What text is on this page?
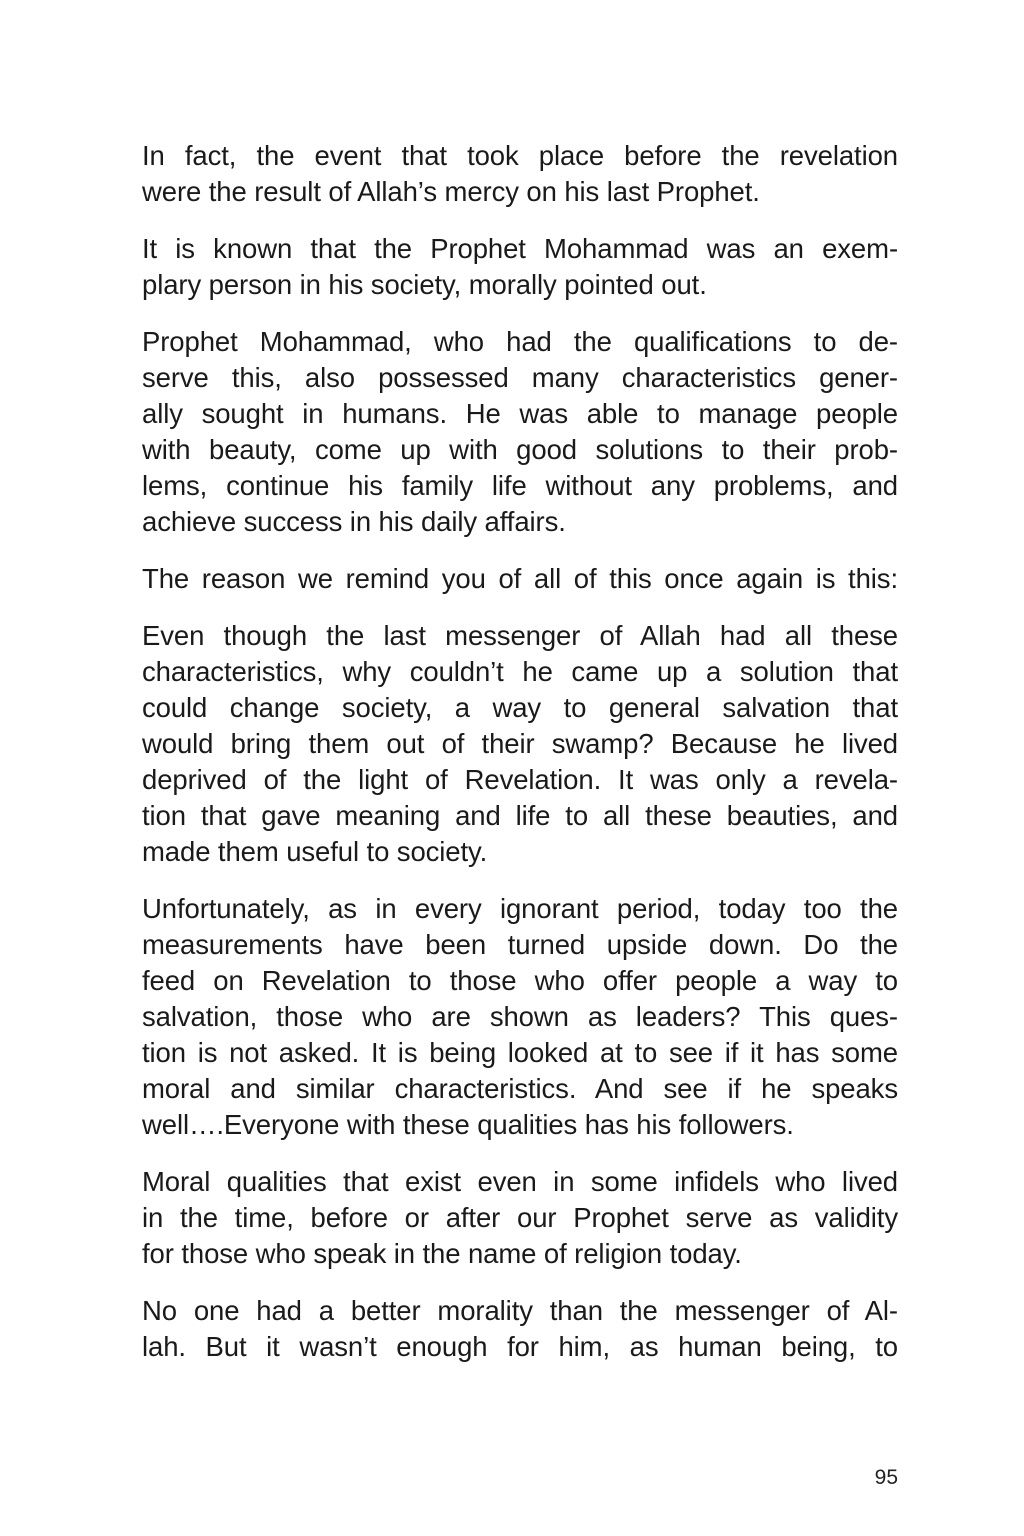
In fact, the event that took place before the revelation
were the result of Allah’s mercy on his last Prophet.

It is known that the Prophet Mohammad was an exem-
plary person in his society, morally pointed out.

Prophet Mohammad, who had the qualifications to de-
serve this, also possessed many characteristics gener-
ally sought in humans. He was able to manage people
with beauty, come up with good solutions to their prob-
lems, continue his family life without any problems, and
achieve success in his daily affairs.

The reason we remind you of all of this once again is this:

Even though the last messenger of Allah had all these
characteristics, why couldn’t he came up a solution that
could change society, a way to general salvation that
would bring them out of their swamp? Because he lived
deprived of the light of Revelation. It was only a revela-
tion that gave meaning and life to all these beauties, and
made them useful to society.

Unfortunately, as in every ignorant period, today too the
measurements have been turned upside down. Do the
feed on Revelation to those who offer people a way to
salvation, those who are shown as leaders? This ques-
tion is not asked. It is being looked at to see if it has some
moral and similar characteristics. And see if he speaks
well….Everyone with these qualities has his followers.

Moral qualities that exist even in some infidels who lived
in the time, before or after our Prophet serve as validity
for those who speak in the name of religion today.

No one had a better morality than the messenger of Al-
lah. But it wasn’t enough for him, as human being, to

95
